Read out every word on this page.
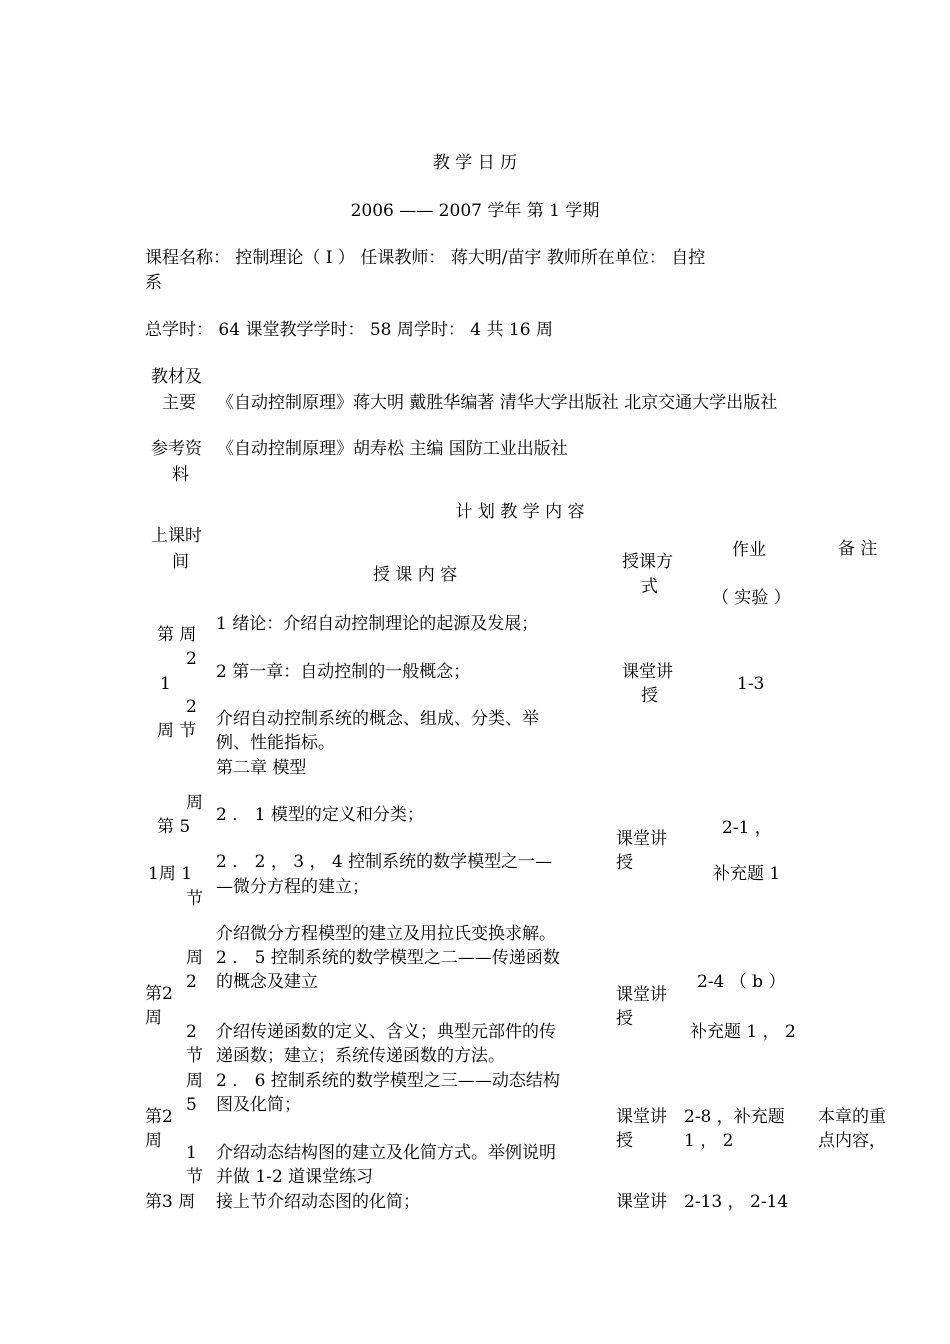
教 学 日 历
2006 —— 2007 学年 第 1 学期
课程名称： 控制理论（ Ⅰ ） 任课教师： 蒋大明/苗宇 教师所在单位： 自控
系
总学时： 64 课堂教学学时： 58 周学时： 4 共 16 周
教材及
主要 《自动控制原理》蒋大明 戴胜华编著 清华大学出版社 北京交通大学出版社
参考资
料
《自动控制原理》胡寿松 主编 国防工业出版社
计 划 教 学 内 容
上课时
间
授 课 内 容
授课方
式
作业
（ 实验 ）
备 注
第 周
2
1
2
周 节
1 绪论：介绍自动控制理论的起源及发展；
2 第一章：自动控制的一般概念；
介绍自动控制系统的概念、组成、分类、举
例、性能指标。
课堂讲
授
1-3
第二章 模型
周
第 5
1周 1
节
2 ． 1 模型的定义和分类；
2 ． 2 ， 3 ， 4 控制系统的数学模型之一—
—微分方程的建立；
介绍微分方程模型的建立及用拉氏变换求解。
课堂讲
授
2-1 ，
补充题 1
周
2
第2
周
2
节
2 ． 5 控制系统的数学模型之二——传递函数
的概念及建立
介绍传递函数的定义、含义；典型元部件的传
递函数；建立；系统传递函数的方法。
课堂讲
授
2-4 （ b ）
补充题 1 ， 2
周
5
第2
周
1
节
2 ． 6 控制系统的数学模型之三——动态结构
图及化简；
介绍动态结构图的建立及化简方式。举例说明
并做 1-2 道课堂练习
课堂讲
授
2-8 ，补充题
1 ， 2
本章的重
点内容，
第3 周 接上节介绍动态图的化简；	课堂讲 2-13 ， 2-14
